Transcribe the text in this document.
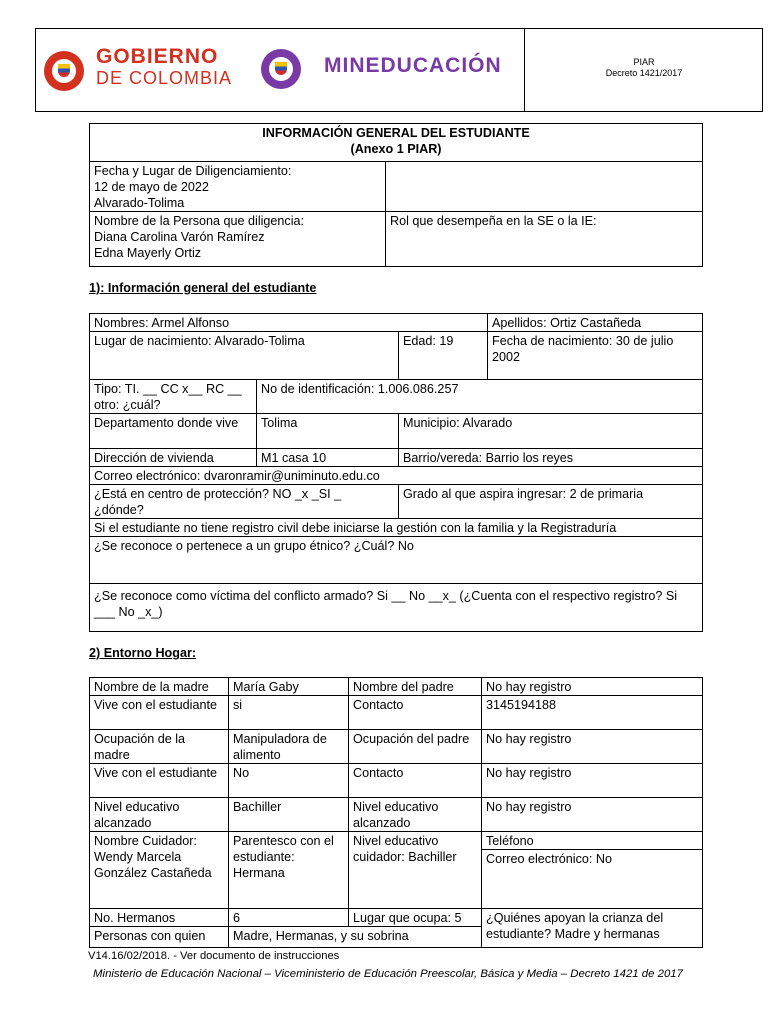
GOBIERNO
DE COLOMBIA
MINEDUCACIÓN	PIAR
Decreto 1421/2017
INFORMACIÓN GENERAL DEL ESTUDIANTE
(Anexo 1 PIAR)	

Fecha y Lugar de Diligenciamiento:
12 de mayo de 2022
Alvarado-Tolima	

Nombre de la Persona que diligencia:
Diana Carolina Varón Ramírez
Edna Mayerly Ortiz	Rol que desempeña en la SE o la IE:
1): Información general del estudiante
Nombres: Armel Alfonso			Apellidos: Ortiz Castañeda
Lugar de nacimiento: Alvarado-Tolima		Edad: 19	Fecha de nacimiento: 30 de julio 2002
Tipo: TI. __ CC x__ RC __ otro: ¿cuál?	No de identificación: 1.006.086.257		
Departamento donde vive	Tolima	Municipio: Alvarado	
Dirección de vivienda	M1 casa 10	Barrio/vereda: Barrio los reyes	
Correo electrónico: dvaronramir@uniminuto.edu.co			
¿Está en centro de protección? NO _x _SI _ ¿dónde?		Grado al que aspira ingresar: 2 de primaria	
Si el estudiante no tiene registro civil debe iniciarse la gestión con la familia y la Registraduría			
¿Se reconoce o pertenece a un grupo étnico? ¿Cuál? No			
¿Se reconoce como víctima del conflicto armado? Si __ No __x_ (¿Cuenta con el respectivo registro? Si ___ No _x_)			
2) Entorno Hogar:
Nombre de la madre	María Gaby	Nombre del padre	No hay registro
Vive con el estudiante	si	Contacto	3145194188
Ocupación de la madre	Manipuladora de alimento	Ocupación del padre	No hay registro
Vive con el estudiante	No	Contacto	No hay registro
Nivel educativo alcanzado	Bachiller	Nivel educativo alcanzado	No hay registro
Nombre Cuidador: Wendy Marcela González Castañeda	Parentesco con el estudiante: Hermana	Nivel educativo cuidador: Bachiller	Teléfono
			Correo electrónico: No
No. Hermanos	6	Lugar que ocupa: 5	¿Quiénes apoyan la crianza del estudiante? Madre y hermanas
Personas con quien	Madre, Hermanas, y su sobrina		
V14.16/02/2018. - Ver documento de instrucciones
Ministerio de Educación Nacional – Viceministerio de Educación Preescolar, Básica y Media – Decreto 1421 de 2017
